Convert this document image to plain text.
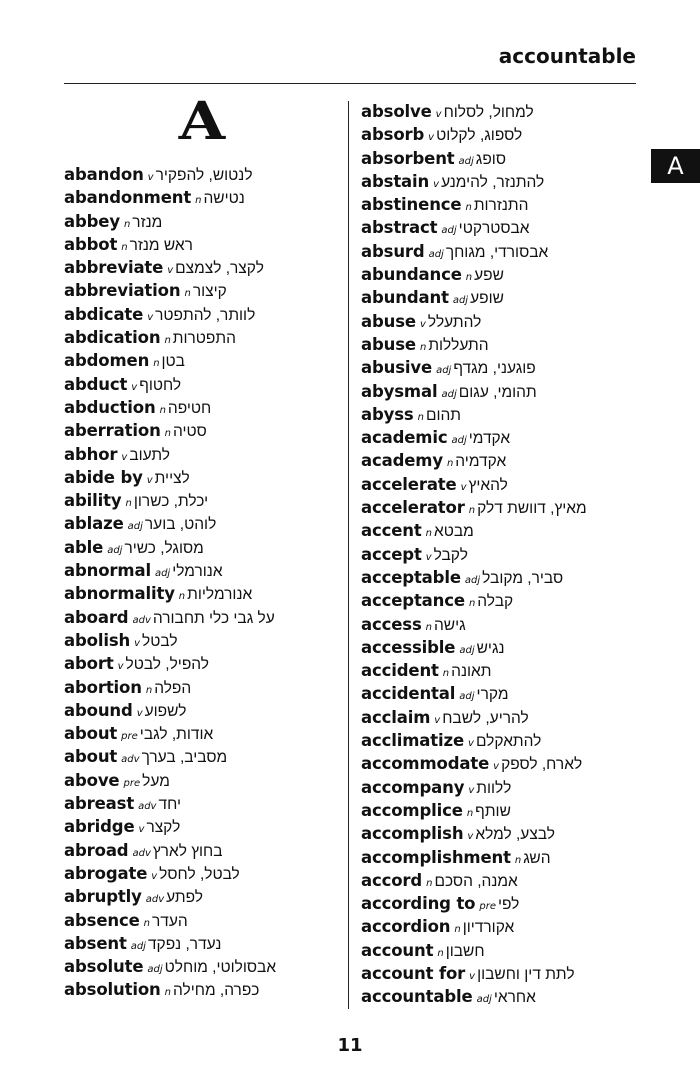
accountable
A
A
abandon v לנטוש, להפקיר
abandonment n נטישה
abbey n מנזר
abbot n ראש מנזר
abbreviate v לקצר, לצמצם
abbreviation n קיצור
abdicate v לוותר, להתפטר
abdication n התפטרות
abdomen n בטן
abduct v לחטוף
abduction n חטיפה
aberration n סטיה
abhor v לתעוב
abide by v לציית
ability n יכלת, כשרון
ablaze adj לוהט, בוער
able adj מסוגל, כשיר
abnormal adj אנורמלי
abnormality n אנורמליות
aboard adv על גבי כלי תחבורה
abolish v לבטל
abort v להפיל, לבטל
abortion n הפלה
abound v לשפוע
about pre אודות, לגבי
about adv מסביב, בערך
above pre מעל
abreast adv יחד
abridge v לקצר
abroad adv בחוץ לארץ
abrogate v לבטל, לחסל
abruptly adv לפתע
absence n העדר
absent adj נעדר, נפקד
absolute adj אבסולוטי, מוחלט
absolution n כפרה, מחילה
absolve v למחול, לסלוח
absorb v לספוג, לקלוט
absorbent adj סופג
abstain v להתנזר, להימנע
abstinence n התנזרות
abstract adj אבסטרקטי
absurd adj אבסורדי, מגוחך
abundance n שפע
abundant adj שופע
abuse v להתעלל
abuse n התעללות
abusive adj פוגעני, מגדף
abysmal adj תהומי, עגום
abyss n תהום
academic adj אקדמי
academy n אקדמיה
accelerate v להאיץ
accelerator n מאיץ, דוושת דלק
accent n מבטא
accept v לקבל
acceptable adj סביר, מקובל
acceptance n קבלה
access n גישה
accessible adj נגיש
accident n תאונה
accidental adj מקרי
acclaim v להריע, לשבח
acclimatize v להתאקלם
accommodate v לארח, לספק
accompany v ללוות
accomplice n שותף
accomplish v לבצע, למלא
accomplishment n השג
accord n אמנה, הסכם
according to pre לפי
accordion n אקורדיון
account n חשבון
account for v לתת דין וחשבון
accountable adj אחראי
11
